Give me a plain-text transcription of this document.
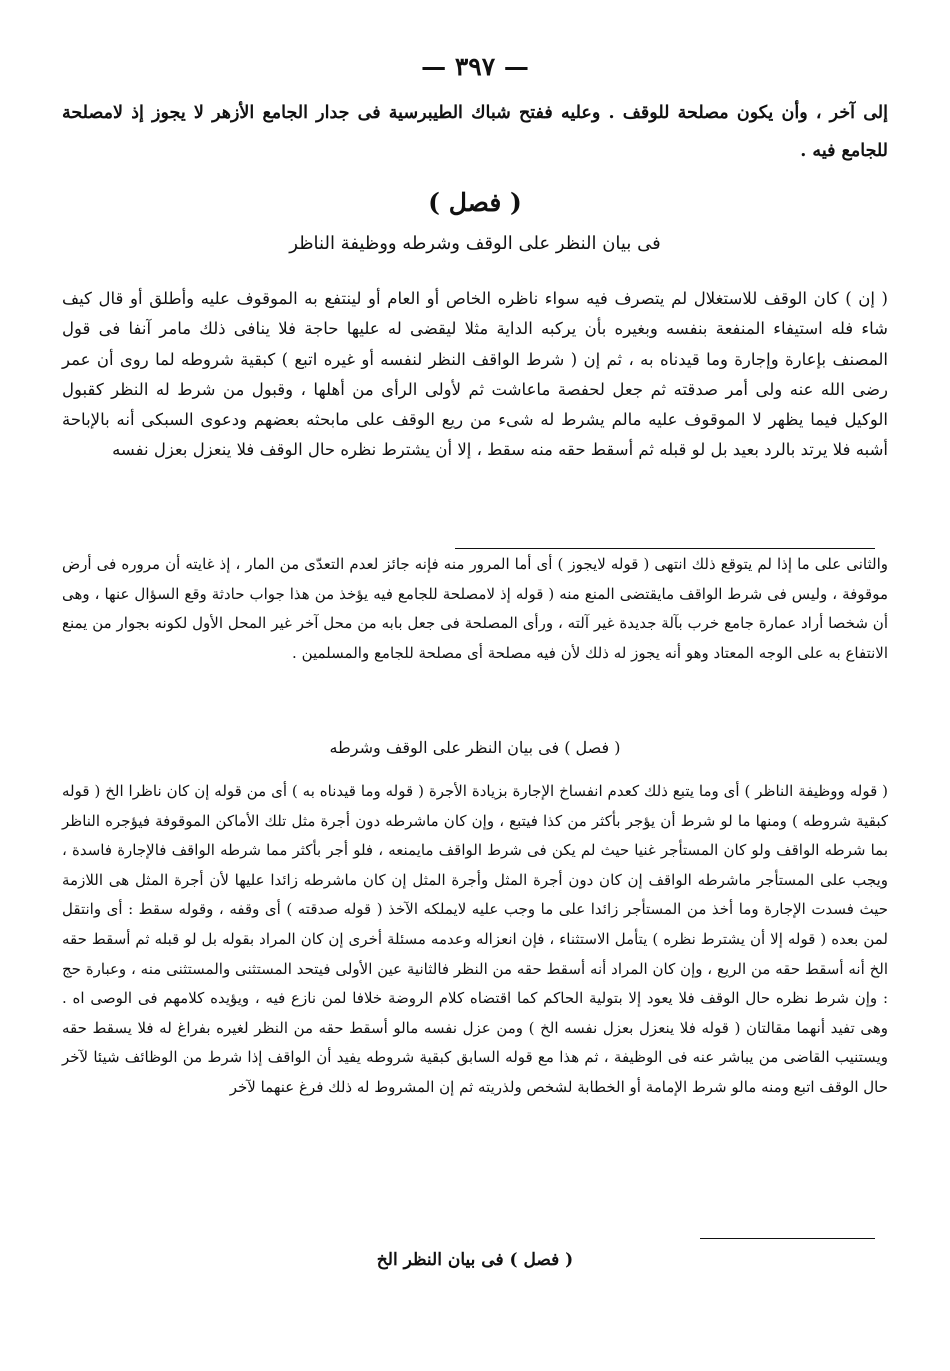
— ٣٩٧ —
إلى آخر ، وأن يكون مصلحة للوقف . وعليه ففتح شباك الطيبرسية فى جدار الجامع الأزهر لا يجوز إذ لامصلحة للجامع فيه .
( فصل )
فى بيان النظر على الوقف وشرطه ووظيفة الناظر
( إن ) كان الوقف للاستغلال لم يتصرف فيه سواء ناظره الخاص أو العام أو لينتفع به الموقوف عليه وأطلق أو قال كيف شاء فله استيفاء المنفعة بنفسه وبغيره بأن يركبه الداية مثلا ليقضى له عليها حاجة فلا ينافى ذلك مامر آنفا فى قول المصنف بإعارة وإجارة وما قيدناه به ، ثم إن ( شرط الواقف النظر لنفسه أو غيره اتبع ) كبقية شروطه لما روى أن عمر رضى الله عنه ولى أمر صدقته ثم جعل لحفصة ماعاشت ثم لأولى الرأى من أهلها ، وقبول من شرط له النظر كقبول الوكيل فيما يظهر لا الموقوف عليه مالم يشرط له شىء من ريع الوقف على مابحثه بعضهم ودعوى السبكى أنه بالإباحة أشبه فلا يرتد بالرد بعيد بل لو قبله ثم أسقط حقه منه سقط ، إلا أن يشترط نظره حال الوقف فلا ينعزل بعزل نفسه
والثانى على ما إذا لم يتوقع ذلك انتهى ( قوله لايجوز ) أى أما المرور منه فإنه جائز لعدم التعدّى من المار ، إذ غايته أن مروره فى أرض موقوفة ، وليس فى شرط الواقف مايقتضى المنع منه ( قوله إذ لامصلحة للجامع فيه يؤخذ من هذا جواب حادثة وقع السؤال عنها ، وهى أن شخصا أراد عمارة جامع خرب بآلة جديدة غير آلته ، ورأى المصلحة فى جعل بابه من محل آخر غير المحل الأول لكونه بجوار من يمنع الانتفاع به على الوجه المعتاد وهو أنه يجوز له ذلك لأن فيه مصلحة أى مصلحة للجامع والمسلمين .
( فصل ) فى بيان النظر على الوقف وشرطه
( قوله ووظيفة الناظر ) أى وما يتبع ذلك كعدم انفساخ الإجارة بزيادة الأجرة ( قوله وما قيدناه به ) أى من قوله إن كان ناظرا الخ ( قوله كبقية شروطه ) ومنها ما لو شرط أن يؤجر بأكثر من كذا فيتبع ، وإن كان ماشرطه دون أجرة مثل تلك الأماكن الموقوفة فيؤجره الناظر بما شرطه الواقف ولو كان المستأجر غنيا حيث لم يكن فى شرط الواقف مايمنعه ، فلو أجر بأكثر مما شرطه الواقف فالإجارة فاسدة ، ويجب على المستأجر ماشرطه الواقف إن كان دون أجرة المثل وأجرة المثل إن كان ماشرطه زائدا عليها لأن أجرة المثل هى اللازمة حيث فسدت الإجارة وما أخذ من المستأجر زائدا على ما وجب عليه لايملكه الآخذ ( قوله صدقته ) أى وقفه ، وقوله سقط : أى وانتقل لمن بعده ( قوله إلا أن يشترط نظره ) يتأمل الاستثناء ، فإن انعزاله وعدمه مسئلة أخرى إن كان المراد بقوله بل لو قبله ثم أسقط حقه الخ أنه أسقط حقه من الريع ، وإن كان المراد أنه أسقط حقه من النظر فالثانية عين الأولى فيتحد المستثنى والمستثنى منه ، وعبارة حج : وإن شرط نظره حال الوقف فلا يعود إلا بتولية الحاكم كما اقتضاه كلام الروضة خلافا لمن نازع فيه ، ويؤيده كلامهم فى الوصى اه . وهى تفيد أنهما مقالتان ( قوله فلا ينعزل بعزل نفسه الخ ) ومن عزل نفسه مالو أسقط حقه من النظر لغيره بفراغ له فلا يسقط حقه ويستنيب القاضى من يباشر عنه فى الوظيفة ، ثم هذا مع قوله السابق كبقية شروطه يفيد أن الواقف إذا شرط من الوظائف شيئا لآخر حال الوقف اتبع ومنه مالو شرط الإمامة أو الخطابة لشخص ولذريته ثم إن المشروط له ذلك فرغ عنهما لآخر
( فصل ) فى بيان النظر الخ
